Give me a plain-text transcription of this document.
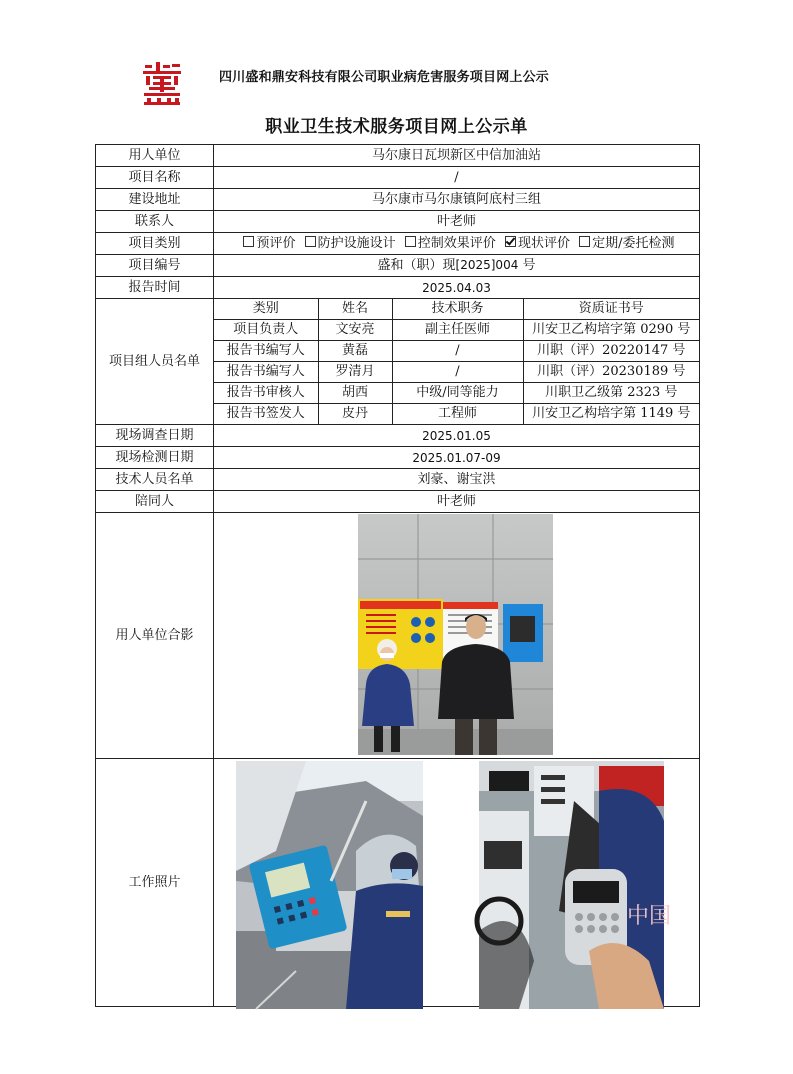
四川盛和鼎安科技有限公司职业病危害服务项目网上公示
职业卫生技术服务项目网上公示单
用人单位	马尔康日瓦坝新区中信加油站
项目名称	/
建设地址	马尔康市马尔康镇阿底村三组
联系人	叶老师
项目类别	预评价 防护设施设计 控制效果评价 现状评价 定期/委托检测
项目编号	盛和（职）现[2025]004 号
报告时间	2025.04.03
项目组人员名单	
类别	姓名	技术职务	资质证书号
项目负责人	文安亮	副主任医师	川安卫乙构培字第 0290 号
报告书编写人	黄磊	/	川职（评）20220147 号
报告书编写人	罗清月	/	川职（评）20230189 号
报告书审核人	胡西	中级/同等能力	川职卫乙级第 2323 号
报告书签发人	皮丹	工程师	川安卫乙构培字第 1149 号

现场调查日期	2025.01.05
现场检测日期	2025.01.07-09
技术人员名单	刘豪、谢宝洪
陪同人	叶老师
用人单位合影	
工作照片	
中国
